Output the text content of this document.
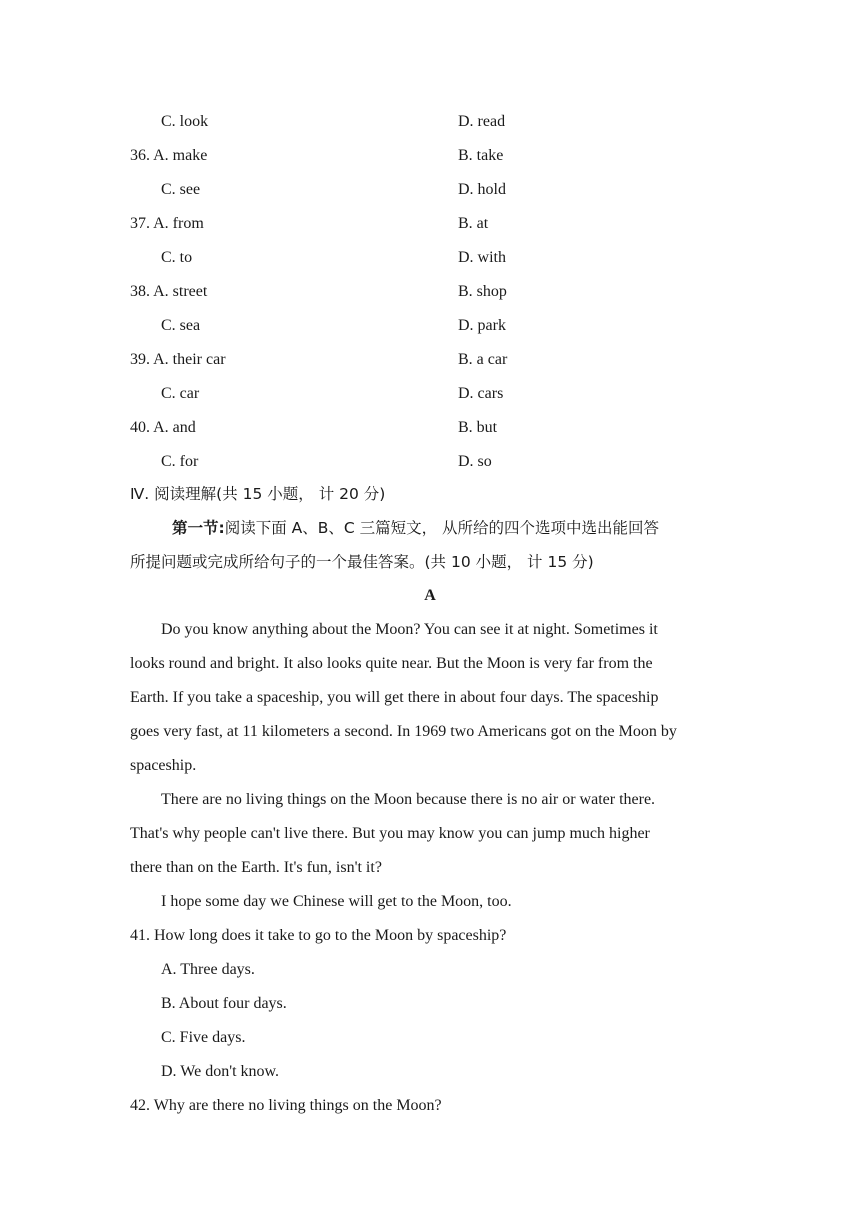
C. look	D. read
36. A. make	B. take
C. see	D. hold
37. A. from	B. at
C. to	D. with
38. A. street	B. shop
C. sea	D. park
39. A. their car	B. a car
C. car	D. cars
40. A. and	B. but
C. for	D. so
Ⅳ. 阅读理解(共 15 小题， 计 20 分)
第一节:阅读下面 A、B、C 三篇短文， 从所给的四个选项中选出能回答
所提问题或完成所给句子的一个最佳答案。(共 10 小题， 计 15 分)
A
Do you know anything about the Moon? You can see it at night. Sometimes it
looks round and bright. It also looks quite near. But the Moon is very far from the
Earth. If you take a spaceship, you will get there in about four days. The spaceship
goes very fast, at 11 kilometers a second. In 1969 two Americans got on the Moon by
spaceship.
There are no living things on the Moon because there is no air or water there.
That's why people can't live there. But you may know you can jump much higher
there than on the Earth. It's fun, isn't it?
I hope some day we Chinese will get to the Moon, too.
41. How long does it take to go to the Moon by spaceship?
A. Three days.
B. About four days.
C. Five days.
D. We don't know.
42. Why are there no living things on the Moon?
